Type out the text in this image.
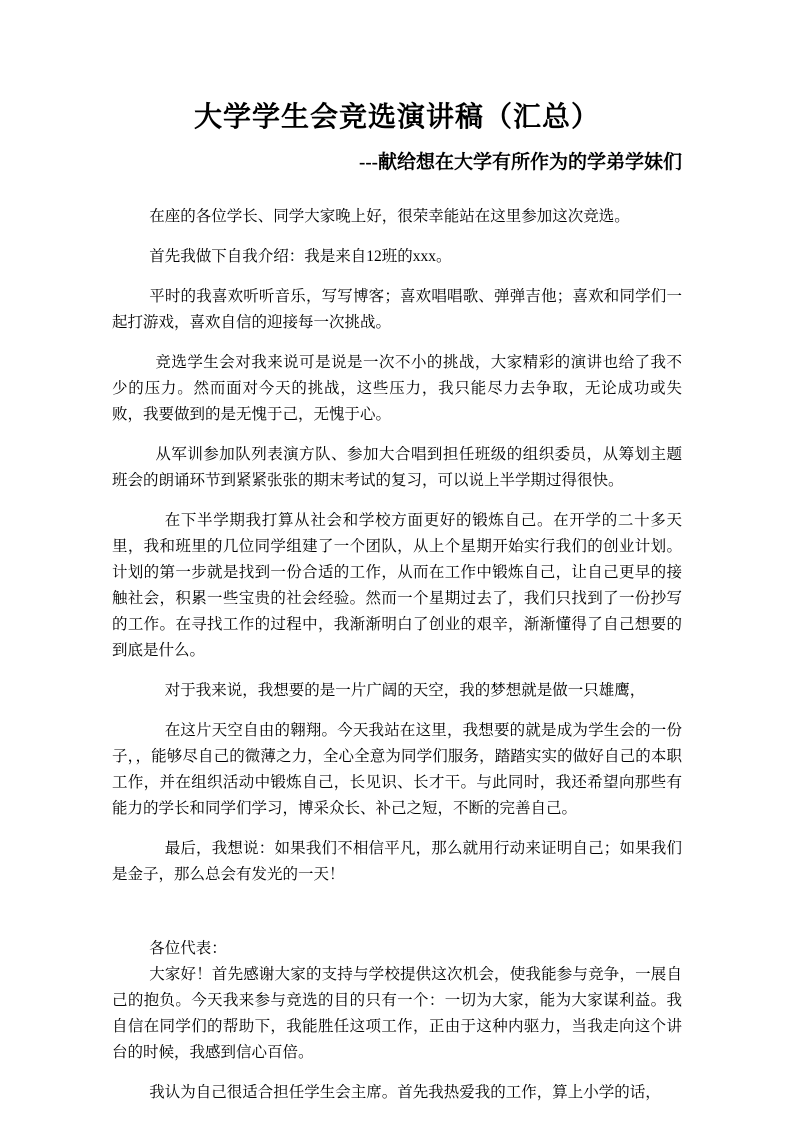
大学学生会竞选演讲稿（汇总）
---献给想在大学有所作为的学弟学妹们

在座的各位学长、同学大家晚上好，很荣幸能站在这里参加这次竞选。

首先我做下自我介绍：我是来自12班的xxx。

平时的我喜欢听听音乐，写写博客；喜欢唱唱歌、弹弹吉他；喜欢和同学们一起打游戏，喜欢自信的迎接每一次挑战。

竞选学生会对我来说可是说是一次不小的挑战，大家精彩的演讲也给了我不少的压力。然而面对今天的挑战，这些压力，我只能尽力去争取，无论成功或失败，我要做到的是无愧于己，无愧于心。

从军训参加队列表演方队、参加大合唱到担任班级的组织委员，从筹划主题班会的朗诵环节到紧紧张张的期末考试的复习，可以说上半学期过得很快。

在下半学期我打算从社会和学校方面更好的锻炼自己。在开学的二十多天里，我和班里的几位同学组建了一个团队，从上个星期开始实行我们的创业计划。计划的第一步就是找到一份合适的工作，从而在工作中锻炼自己，让自己更早的接触社会，积累一些宝贵的社会经验。然而一个星期过去了，我们只找到了一份抄写的工作。在寻找工作的过程中，我渐渐明白了创业的艰辛，渐渐懂得了自己想要的到底是什么。

对于我来说，我想要的是一片广阔的天空，我的梦想就是做一只雄鹰，

在这片天空自由的翱翔。今天我站在这里，我想要的就是成为学生会的一份子，，能够尽自己的微薄之力，全心全意为同学们服务，踏踏实实的做好自己的本职工作，并在组织活动中锻炼自己，长见识、长才干。与此同时，我还希望向那些有能力的学长和同学们学习，博采众长、补己之短，不断的完善自己。

最后，我想说：如果我们不相信平凡，那么就用行动来证明自己；如果我们是金子，那么总会有发光的一天！

各位代表：

大家好！首先感谢大家的支持与学校提供这次机会，使我能参与竞争，一展自己的抱负。今天我来参与竞选的目的只有一个：一切为大家，能为大家谋利益。我自信在同学们的帮助下，我能胜任这项工作，正由于这种内驱力，当我走向这个讲台的时候，我感到信心百倍。

我认为自己很适合担任学生会主席。首先我热爱我的工作，算上小学的话，
